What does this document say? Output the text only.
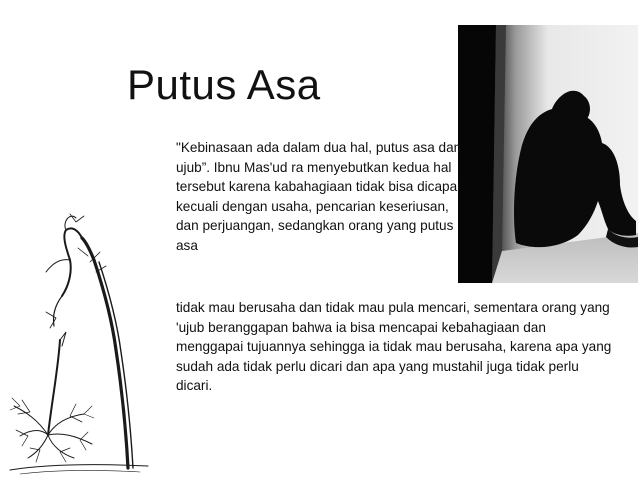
Putus Asa

"Kebinasaan ada dalam dua hal, putus asa dan ujub”. Ibnu Mas'ud ra menyebutkan kedua hal tersebut karena kabahagiaan tidak bisa dicapai kecuali dengan usaha, pencarian keseriusan, dan perjuangan, sedangkan orang yang putus asa

tidak mau berusaha dan tidak mau pula mencari, sementara orang yang 'ujub beranggapan bahwa ia bisa mencapai kebahagiaan dan menggapai tujuannya sehingga ia tidak mau berusaha, karena apa yang sudah ada tidak perlu dicari dan apa yang mustahil juga tidak perlu dicari.
